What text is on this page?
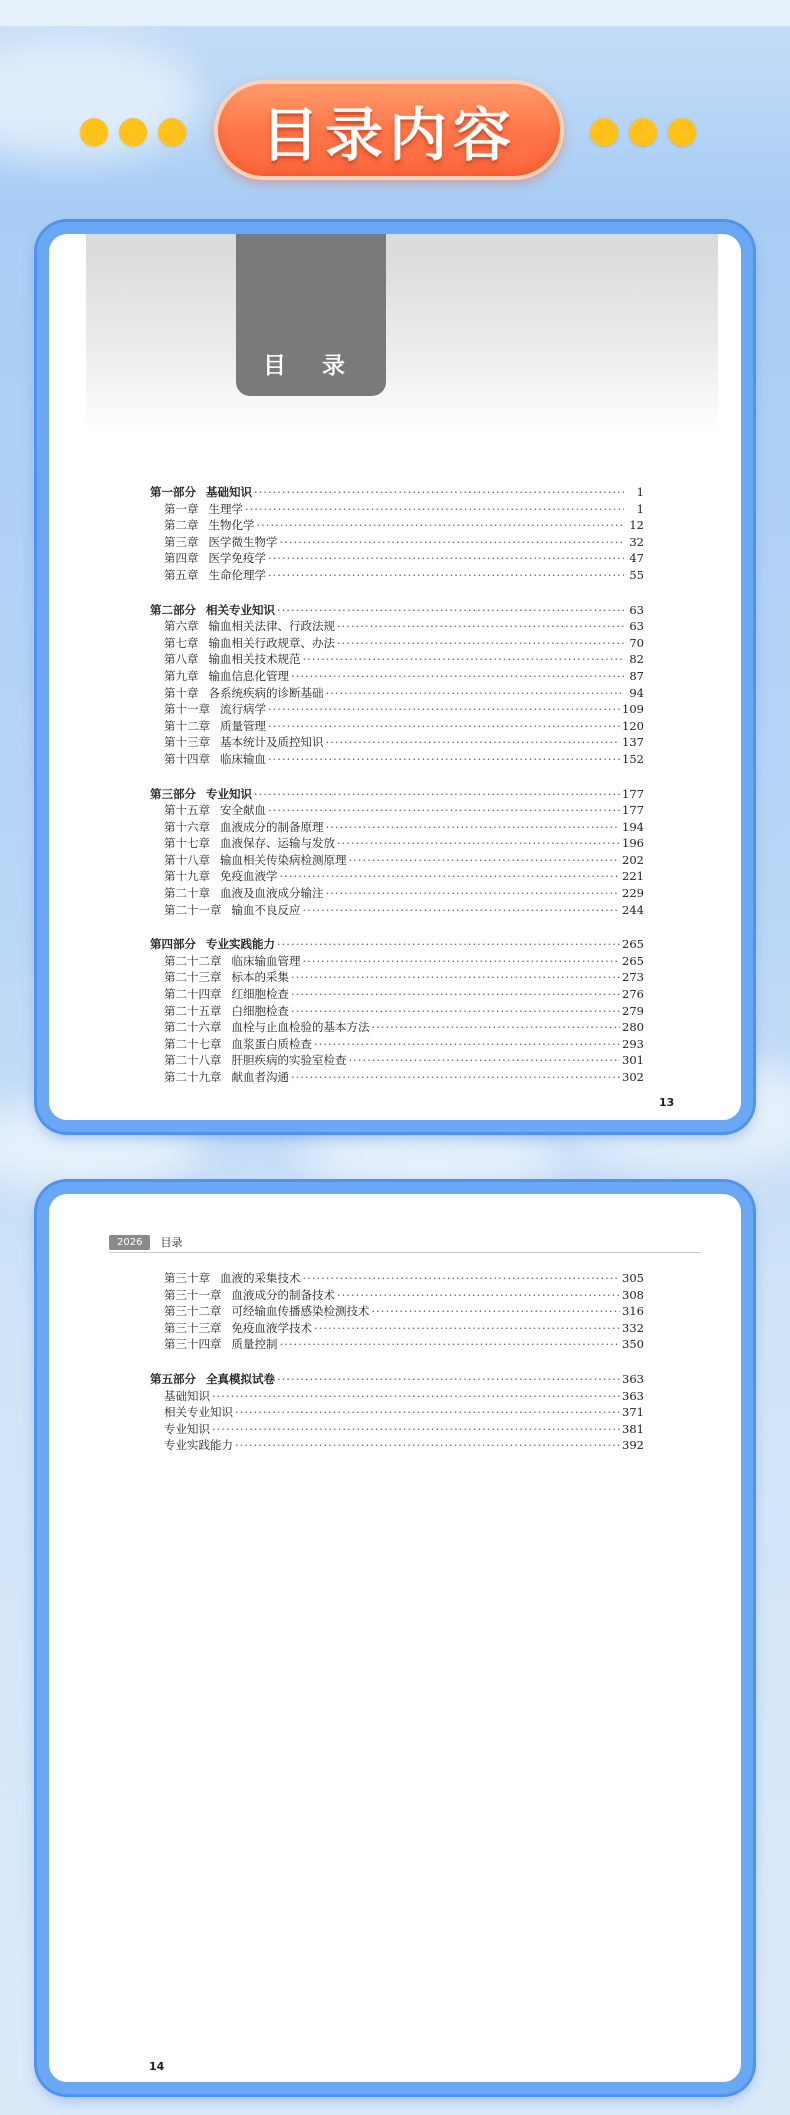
目录内容
目 录
第一部分 基础知识 ·····	1
第一章 生理学 ·····	1
第二章 生物化学 ·····	12
第三章 医学微生物学 ·····	32
第四章 医学免疫学 ·····	47
第五章 生命伦理学 ·····	55
第二部分 相关专业知识 ·····	63
第六章 输血相关法律、行政法规 ·····	63
第七章 输血相关行政规章、办法 ·····	70
第八章 输血相关技术规范 ·····	82
第九章 输血信息化管理 ·····	87
第十章 各系统疾病的诊断基础 ·····	94
第十一章 流行病学 ·····	109
第十二章 质量管理 ·····	120
第十三章 基本统计及质控知识 ·····	137
第十四章 临床输血 ·····	152
第三部分 专业知识 ·····	177
第十五章 安全献血 ·····	177
第十六章 血液成分的制备原理 ·····	194
第十七章 血液保存、运输与发放 ·····	196
第十八章 输血相关传染病检测原理 ·····	202
第十九章 免疫血液学 ·····	221
第二十章 血液及血液成分输注 ·····	229
第二十一章 输血不良反应 ·····	244
第四部分 专业实践能力 ·····	265
第二十二章 临床输血管理 ·····	265
第二十三章 标本的采集 ·····	273
第二十四章 红细胞检查 ·····	276
第二十五章 白细胞检查 ·····	279
第二十六章 血栓与止血检验的基本方法 ·····	280
第二十七章 血浆蛋白质检查 ·····	293
第二十八章 肝胆疾病的实验室检查 ·····	301
第二十九章 献血者沟通 ·····	302
13
2026	目录
第三十章 血液的采集技术 ·····	305
第三十一章 血液成分的制备技术 ·····	308
第三十二章 可经输血传播感染检测技术 ·····	316
第三十三章 免疫血液学技术 ·····	332
第三十四章 质量控制 ·····	350
第五部分 全真模拟试卷 ·····	363
基础知识 ·····	363
相关专业知识 ·····	371
专业知识 ·····	381
专业实践能力 ·····	392
14
